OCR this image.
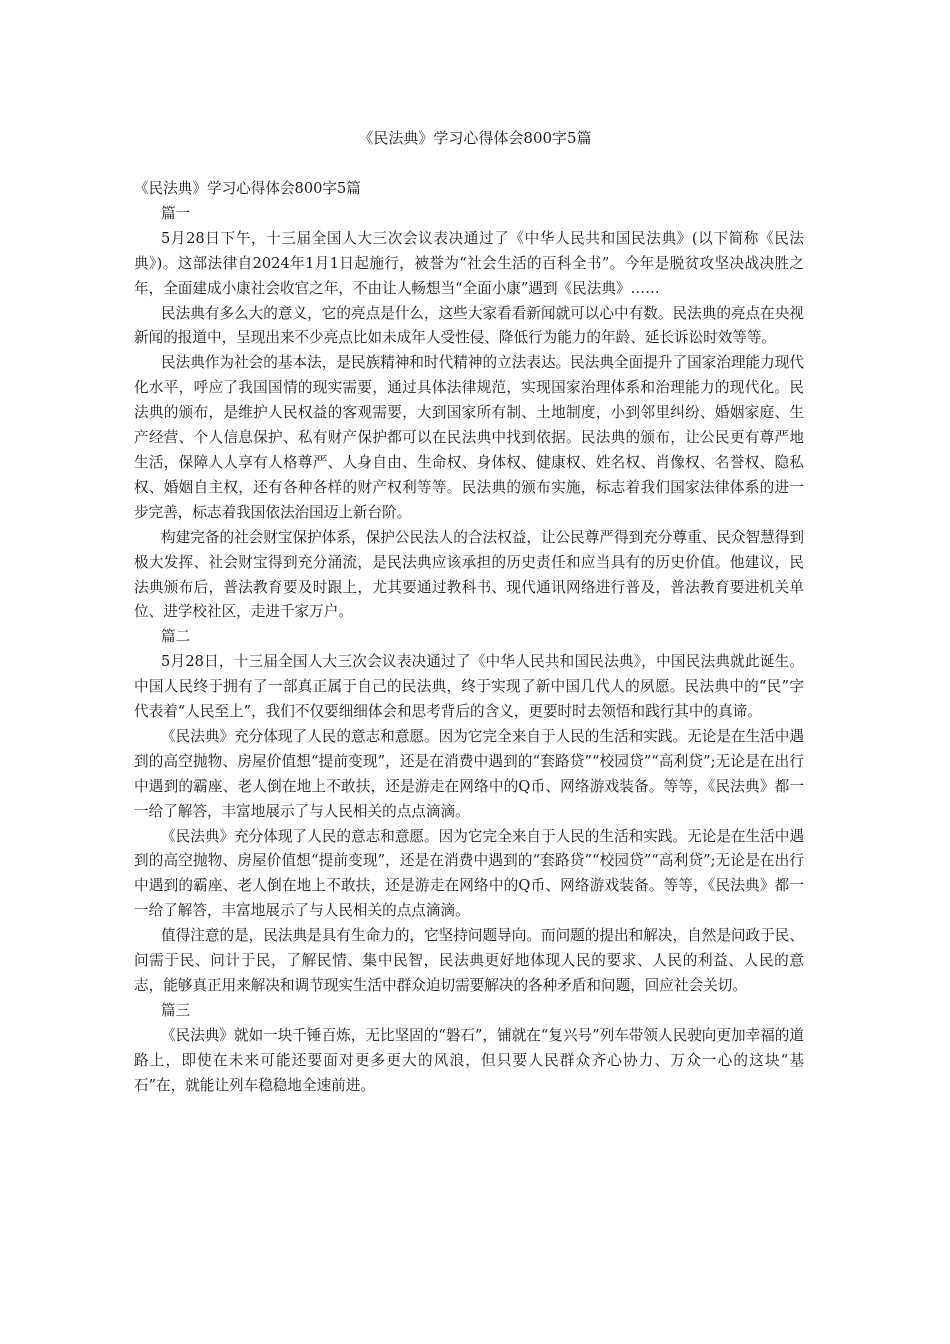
《民法典》学习心得体会800字5篇

《民法典》学习心得体会800字5篇

篇一

5月28日下午，十三届全国人大三次会议表决通过了《中华人民共和国民法典》(以下简称《民法典》)。这部法律自2024年1月1日起施行，被誉为“社会生活的百科全书”。今年是脱贫攻坚决战决胜之年，全面建成小康社会收官之年，不由让人畅想当“全面小康”遇到《民法典》……

民法典有多么大的意义，它的亮点是什么，这些大家看看新闻就可以心中有数。民法典的亮点在央视新闻的报道中，呈现出来不少亮点比如未成年人受性侵、降低行为能力的年龄、延长诉讼时效等等。

民法典作为社会的基本法，是民族精神和时代精神的立法表达。民法典全面提升了国家治理能力现代化水平，呼应了我国国情的现实需要，通过具体法律规范，实现国家治理体系和治理能力的现代化。民法典的颁布，是维护人民权益的客观需要，大到国家所有制、土地制度，小到邻里纠纷、婚姻家庭、生产经营、个人信息保护、私有财产保护都可以在民法典中找到依据。民法典的颁布，让公民更有尊严地生活，保障人人享有人格尊严、人身自由、生命权、身体权、健康权、姓名权、肖像权、名誉权、隐私权、婚姻自主权，还有各种各样的财产权利等等。民法典的颁布实施，标志着我们国家法律体系的进一步完善，标志着我国依法治国迈上新台阶。

构建完备的社会财宝保护体系，保护公民法人的合法权益，让公民尊严得到充分尊重、民众智慧得到极大发挥、社会财宝得到充分涌流，是民法典应该承担的历史责任和应当具有的历史价值。他建议，民法典颁布后，普法教育要及时跟上，尤其要通过教科书、现代通讯网络进行普及，普法教育要进机关单位、进学校社区，走进千家万户。

篇二

5月28日，十三届全国人大三次会议表决通过了《中华人民共和国民法典》，中国民法典就此诞生。中国人民终于拥有了一部真正属于自己的民法典，终于实现了新中国几代人的夙愿。民法典中的“民”字代表着“人民至上”，我们不仅要细细体会和思考背后的含义，更要时时去领悟和践行其中的真谛。

《民法典》充分体现了人民的意志和意愿。因为它完全来自于人民的生活和实践。无论是在生活中遇到的高空抛物、房屋价值想“提前变现”，还是在消费中遇到的“套路贷”“校园贷”“高利贷”;无论是在出行中遇到的霸座、老人倒在地上不敢扶，还是游走在网络中的Q币、网络游戏装备。等等，《民法典》都一一给了解答，丰富地展示了与人民相关的点点滴滴。

《民法典》充分体现了人民的意志和意愿。因为它完全来自于人民的生活和实践。无论是在生活中遇到的高空抛物、房屋价值想“提前变现”，还是在消费中遇到的“套路贷”“校园贷”“高利贷”;无论是在出行中遇到的霸座、老人倒在地上不敢扶，还是游走在网络中的Q币、网络游戏装备。等等，《民法典》都一一给了解答，丰富地展示了与人民相关的点点滴滴。

值得注意的是，民法典是具有生命力的，它坚持问题导向。而问题的提出和解决，自然是问政于民、问需于民、问计于民，了解民情、集中民智，民法典更好地体现人民的要求、人民的利益、人民的意志，能够真正用来解决和调节现实生活中群众迫切需要解决的各种矛盾和问题，回应社会关切。

篇三

《民法典》就如一块千锤百炼，无比坚固的“磐石”，铺就在“复兴号”列车带领人民驶向更加幸福的道路上，即使在未来可能还要面对更多更大的风浪，但只要人民群众齐心协力、万众一心的这块“基石”在，就能让列车稳稳地全速前进。
